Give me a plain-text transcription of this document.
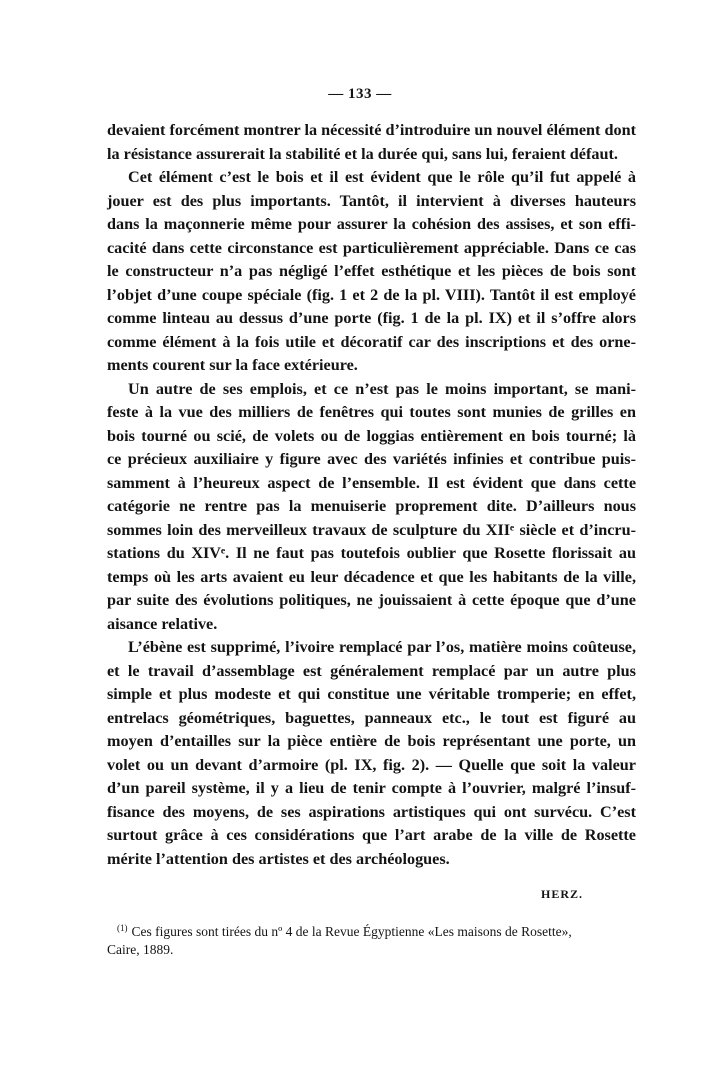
— 133 —
devaient forcément montrer la nécessité d’introduire un nouvel élément dont
la résistance assurerait la stabilité et la durée qui, sans lui, feraient défaut.
Cet élément c’est le bois et il est évident que le rôle qu’il fut appelé à
jouer est des plus importants. Tantôt, il intervient à diverses hauteurs
dans la maçonnerie même pour assurer la cohésion des assises, et son effi-
cacité dans cette circonstance est particulièrement appréciable. Dans ce cas
le constructeur n’a pas négligé l’effet esthétique et les pièces de bois sont
l’objet d’une coupe spéciale (fig. 1 et 2 de la pl. VIII). Tantôt il est employé
comme linteau au dessus d’une porte (fig. 1 de la pl. IX) et il s’offre alors
comme élément à la fois utile et décoratif car des inscriptions et des orne-
ments courent sur la face extérieure.
Un autre de ses emplois, et ce n’est pas le moins important, se mani-
feste à la vue des milliers de fenêtres qui toutes sont munies de grilles en
bois tourné ou scié, de volets ou de loggias entièrement en bois tourné; là
ce précieux auxiliaire y figure avec des variétés infinies et contribue puis-
samment à l’heureux aspect de l’ensemble. Il est évident que dans cette
catégorie ne rentre pas la menuiserie proprement dite. D’ailleurs nous
sommes loin des merveilleux travaux de sculpture du XIIᵉ siècle et d’incru-
stations du XIVᵉ. Il ne faut pas toutefois oublier que Rosette florissait au
temps où les arts avaient eu leur décadence et que les habitants de la ville,
par suite des évolutions politiques, ne jouissaient à cette époque que d’une
aisance relative.
L’ébène est supprimé, l’ivoire remplacé par l’os, matière moins coûteuse,
et le travail d’assemblage est généralement remplacé par un autre plus
simple et plus modeste et qui constitue une véritable tromperie; en effet,
entrelacs géométriques, baguettes, panneaux etc., le tout est figuré au
moyen d’entailles sur la pièce entière de bois représentant une porte, un
volet ou un devant d’armoire (pl. IX, fig. 2). — Quelle que soit la valeur
d’un pareil système, il y a lieu de tenir compte à l’ouvrier, malgré l’insuf-
fisance des moyens, de ses aspirations artistiques qui ont survécu. C’est
surtout grâce à ces considérations que l’art arabe de la ville de Rosette
mérite l’attention des artistes et des archéologues.
HERZ.
$^{(1)}$ Ces figures sont tirées du nº 4 de la Revue Égyptienne «Les maisons de Rosette»,
Caire, 1889.
